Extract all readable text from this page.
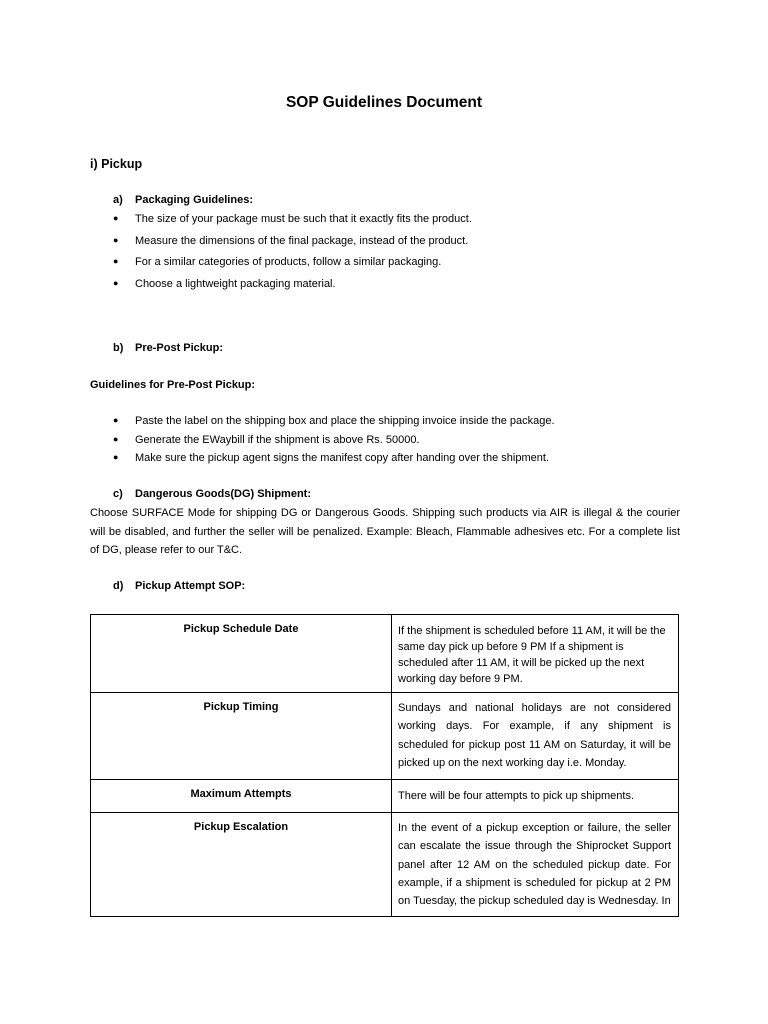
SOP Guidelines Document
i) Pickup
a) Packaging Guidelines:
● The size of your package must be such that it exactly fits the product.
● Measure the dimensions of the final package, instead of the product.
● For a similar categories of products, follow a similar packaging.
● Choose a lightweight packaging material.
b) Pre-Post Pickup:
Guidelines for Pre-Post Pickup:
● Paste the label on the shipping box and place the shipping invoice inside the package.
● Generate the EWaybill if the shipment is above Rs. 50000.
● Make sure the pickup agent signs the manifest copy after handing over the shipment.
c) Dangerous Goods(DG) Shipment:
Choose SURFACE Mode for shipping DG or Dangerous Goods. Shipping such products via AIR is illegal & the courier will be disabled, and further the seller will be penalized. Example: Bleach, Flammable adhesives etc. For a complete list of DG, please refer to our T&C.
d) Pickup Attempt SOP:
Pickup Schedule Date	If the shipment is scheduled before 11 AM, it will be the same day pick up before 9 PM If a shipment is scheduled after 11 AM, it will be picked up the next working day before 9 PM.
Pickup Timing	Sundays and national holidays are not considered working days. For example, if any shipment is scheduled for pickup post 11 AM on Saturday, it will be picked up on the next working day i.e. Monday.
Maximum Attempts	There will be four attempts to pick up shipments.
Pickup Escalation	In the event of a pickup exception or failure, the seller can escalate the issue through the Shiprocket Support panel after 12 AM on the scheduled pickup date. For example, if a shipment is scheduled for pickup at 2 PM on Tuesday, the pickup scheduled day is Wednesday. In
